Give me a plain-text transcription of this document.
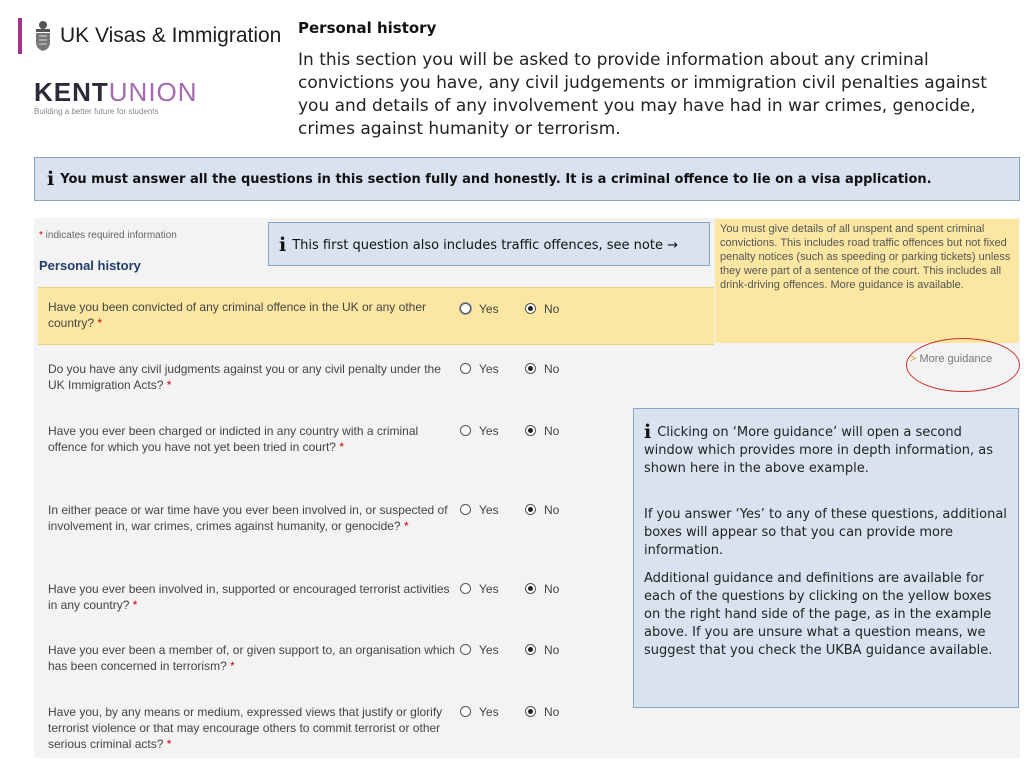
UK Visas & Immigration
KENTUNION
Building a better future for students
Personal history
In this section you will be asked to provide information about any criminal convictions you have, any civil judgements or immigration civil penalties against you and details of any involvement you may have had in war crimes, genocide, crimes against humanity or terrorism.
i You must answer all the questions in this section fully and honestly. It is a criminal offence to lie on a visa application.
* indicates required information
Personal history
i This first question also includes traffic offences, see note →
You must give details of all unspent and spent criminal convictions. This includes road traffic offences but not fixed penalty notices (such as speeding or parking tickets) unless they were part of a sentence of the court. This includes all drink-driving offences. More guidance is available.
Have you been convicted of any criminal offence in the UK or any other country? *
Yes	No
Do you have any civil judgments against you or any civil penalty under the UK Immigration Acts? *
Yes	No
Have you ever been charged or indicted in any country with a criminal offence for which you have not yet been tried in court? *
Yes	No
In either peace or war time have you ever been involved in, or suspected of involvement in, war crimes, crimes against humanity, or genocide? *
Yes	No
Have you ever been involved in, supported or encouraged terrorist activities in any country? *
Yes	No
Have you ever been a member of, or given support to, an organisation which has been concerned in terrorism? *
Yes	No
Have you, by any means or medium, expressed views that justify or glorify terrorist violence or that may encourage others to commit terrorist or other serious criminal acts? *
Yes	No
> More guidance

i Clicking on ‘More guidance’ will open a second window which provides more in depth information, as shown here in the above example.

If you answer ‘Yes’ to any of these questions, additional boxes will appear so that you can provide more information.

Additional guidance and definitions are available for each of the questions by clicking on the yellow boxes on the right hand side of the page, as in the example above. If you are unsure what a question means, we suggest that you check the UKBA guidance available.
